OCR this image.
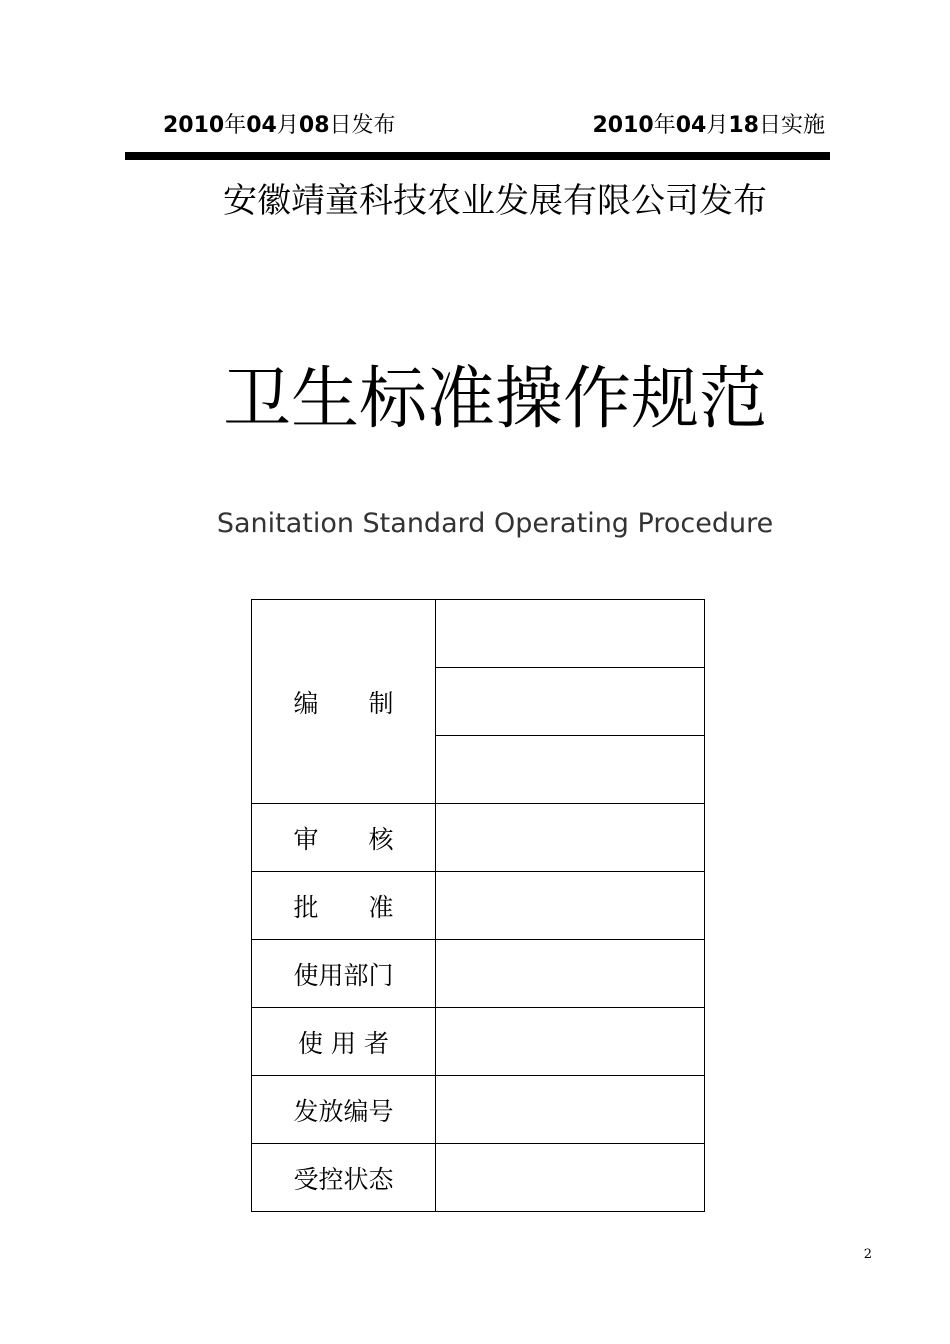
2010年04月08日发布	2010年04月18日实施
安徽靖童科技农业发展有限公司发布
卫生标准操作规范
Sanitation Standard Operating Procedure
编　　制	

审　　核	
批　　准	
使用部门	
使 用 者	
发放编号	
受控状态	
2
